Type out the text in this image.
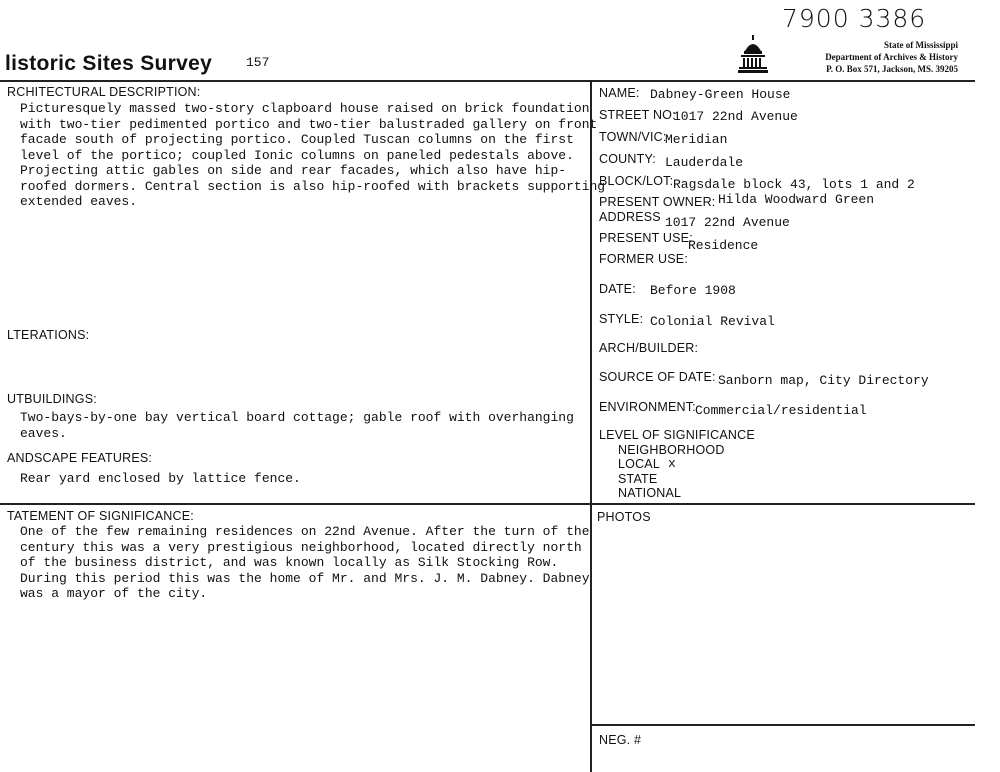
listoric Sites Survey	157
7900 3386
State of Mississippi
Department of Archives & History
P. O. Box 571, Jackson, MS. 39205
RCHITECTURAL DESCRIPTION:
Picturesquely massed two-story clapboard house raised on brick foundation
with two-tier pedimented portico and two-tier balustraded gallery on front
facade south of projecting portico. Coupled Tuscan columns on the first
level of the portico; coupled Ionic columns on paneled pedestals above.
Projecting attic gables on side and rear facades, which also have hip-
roofed dormers. Central section is also hip-roofed with brackets supporting
extended eaves.
LTERATIONS:
UTBUILDINGS:
Two-bays-by-one bay vertical board cottage; gable roof with overhanging
eaves.
ANDSCAPE FEATURES:
Rear yard enclosed by lattice fence.
TATEMENT OF SIGNIFICANCE:
One of the few remaining residences on 22nd Avenue. After the turn of the
century this was a very prestigious neighborhood, located directly north
of the business district, and was known locally as Silk Stocking Row.
During this period this was the home of Mr. and Mrs. J. M. Dabney. Dabney
was a mayor of the city.
NAME: Dabney-Green House
STREET NO:
1017 22nd Avenue
TOWN/VIC:
Meridian
COUNTY: Lauderdale
BLOCK/LOT: Ragsdale block 43, lots 1 and 2
PRESENT OWNER: Hilda Woodward Green
ADDRESS 1017 22nd Avenue
PRESENT USE:
Residence
FORMER USE:
DATE: Before 1908
STYLE: Colonial Revival
ARCH/BUILDER:
SOURCE OF DATE: Sanborn map, City Directory
ENVIRONMENT: Commercial/residential
LEVEL OF SIGNIFICANCE
NEIGHBORHOOD
LOCAL x
STATE
NATIONAL
PHOTOS
NEG. #
